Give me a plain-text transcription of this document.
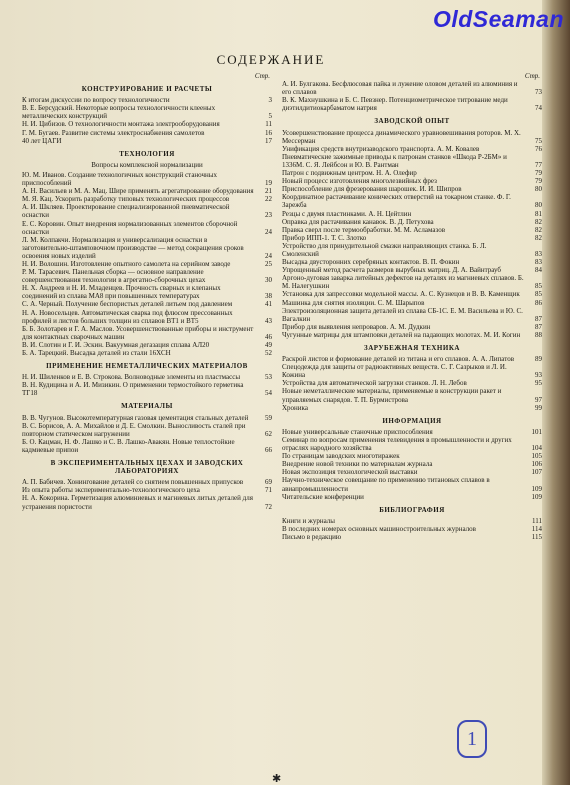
OldSeaman
СОДЕРЖАНИЕ
Стр.
КОНСТРУИРОВАНИЕ И РАСЧЕТЫ
К итогам дискуссии по вопросу технологичности	3
В. Е. Берсудский. Некоторые вопросы технологичности клееных металлических конструкций	5
Н. И. Цибизов. О технологичности монтажа электрооборудования	11
Г. М. Бугаев. Развитие системы электроснабжения самолетов	16
40 лет ЦАГИ	17
ТЕХНОЛОГИЯ
Вопросы комплексной нормализации
Ю. М. Иванов. Создание технологичных конструкций станочных приспособлений	19
А. Н. Васильев и М. А. Мац. Шире применять агрегатирование оборудования	21
М. Я. Кац. Ускорить разработку типовых технологических процессов	22
А. И. Шкляев. Проектирование специализированной пневматической оснастки	23
Е. С. Коровин. Опыт внедрения нормализованных элементов сборочной оснастки	24
Л. М. Колпакчи. Нормализация и универсализация оснастки в заготовительно-штамповочном производстве — метод сокращения сроков освоения новых изделий	24
Н. И. Волошин. Изготовление опытного самолета на серийном заводе	25
Р. М. Тарасевич. Панельная сборка — основное направление совершенствования технологии в агрегатно-сборочных цехах	30
Н. Х. Андреев и Н. И. Младенцев. Прочность сварных и клепаных соединений из сплава МА8 при повышенных температурах	38
С. А. Черный. Получение беспористых деталей литьем под давлением	41
Н. А. Новосельцев. Автоматическая сварка под флюсом прессованных профилей и листов больших толщин из сплавов ВТ1 и ВТ5	43
Б. Б. Золотарев и Г. А. Маслов. Усовершенствованные приборы и инструмент для контактных сварочных машин	46
В. И. Слотин и Г. И. Эскин. Вакуумная дегазация сплава АЛ20	49
Б. А. Тарецкий. Высадка деталей из стали 16ХСН	52
ПРИМЕНЕНИЕ НЕМЕТАЛЛИЧЕСКИХ МАТЕРИАЛОВ
Н. И. Шиленков и Е. В. Строкова. Волноводные элементы из пластмассы	53
В. Н. Кудицина и А. И. Мизикин. О применении термостойкого герметика ТГ18	54
МАТЕРИАЛЫ
В. В. Чугунов. Высокотемпературная газовая цементация стальных деталей	59
В. С. Борисов, А. А. Михайлов и Д. Е. Смолкин. Выносливость сталей при повторном статическом нагружении	62
Б. О. Кацман, Н. Ф. Лашко и С. В. Лашко-Авакян. Новые теплостойкие кадмиевые припои	66
В ЭКСПЕРИМЕНТАЛЬНЫХ ЦЕХАХ И ЗАВОДСКИХ ЛАБОРАТОРИЯХ
А. П. Бабичев. Хонингование деталей со снятием повышенных припусков	69
Из опыта работы экспериментально-технологического цеха	71
Н. А. Кокорина. Герметизация алюминиевых и магниевых литых деталей для устранения пористости	72
Стр.
А. И. Булгакова. Бесфлюсовая пайка и лужение оловом деталей из алюминия и его сплавов	73
В. К. Махнушкина и Б. С. Певзнер. Потенциометрическое титрование меди диэтилдитиокарбаматом натрия	74
ЗАВОДСКОЙ ОПЫТ
Усовершенствование процесса динамического уравновешивания роторов. М. Х. Мессерман	75
Унификация средств внутризаводского транспорта. А. М. Ковалев	76
Пневматические зажимные приводы к патронам станков «Шкода Р-2БМ» и 1336М. С. Я. Лейбсон и Ю. В. Рантман	77
Патрон с подвижным центром. Н. А. Олефир	79
Новый процесс изготовления многолезвийных фрез	79
Приспособление для фрезерования шарошек. И. И. Шипров	80
Координатное растачивание конических отверстий на токарном станке. Ф. Г. Зарежба	80
Резцы с двумя пластинками. А. Н. Цейтлин	81
Оправка для растачивания канавок. В. Д. Петухова	82
Правка сверл после термообработки. М. М. Асламазов	82
Прибор ИПП-1. Т. С. Злотко	82
Устройство для принудительной смазки направляющих станка. Б. Л. Смоленский	83
Высадка двусторонних серебряных контактов. В. П. Фокин	83
Упрощенный метод расчета размеров вырубных матриц. Д. А. Вайнтрауб	84
Аргоно-дуговая заварка литейных дефектов на деталях из магниевых сплавов. Б. М. Налегушкин	85
Установка для запрессовки модельной массы. А. С. Кузнецов и В. В. Каменщик	85
Машинка для снятия изоляции. С. М. Шарыпов	86
Электроизоляционная защита деталей из сплава СБ-1С. Е. М. Васильева и Ю. С. Вагалкин	87
Прибор для выявления непроваров. А. М. Дудкин	87
Чугунные матрицы для штамповки деталей на падающих молотах. М. И. Когин	88
ЗАРУБЕЖНАЯ ТЕХНИКА
Раскрой листов и формование деталей из титана и его сплавов. А. А. Липатов	89
Спецодежда для защиты от радиоактивных веществ. С. Г. Сазрыков и Л. И. Кожина	93
Устройства для автоматической загрузки станков. Л. Н. Лебов	95
Новые неметаллические материалы, применяемые в конструкции ракет и управляемых снарядов. Т. П. Бурмистрова	97
Хроника	99
ИНФОРМАЦИЯ
Новые универсальные станочные приспособления	101
Семинар по вопросам применения телевидения в промышленности и других отраслях народного хозяйства	104
По страницам заводских многотиражек	105
Внедрение новой техники по материалам журнала	106
Новая экспозиция технологической выставки	107
Научно-техническое совещание по применению титановых сплавов в авиапромышленности	109
Читательские конференции	109
БИБЛИОГРАФИЯ
Книги и журналы	111
В последних номерах основных машиностроительных журналов	114
Письмо в редакцию	115
✱
1
